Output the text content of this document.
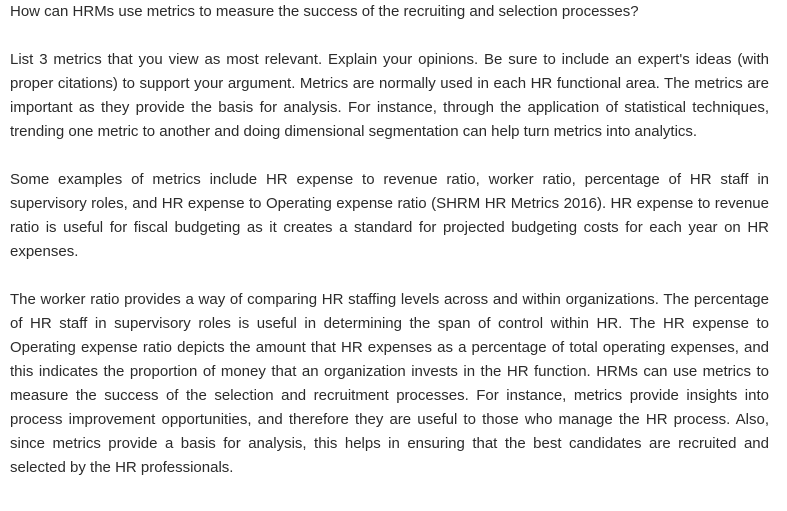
How can HRMs use metrics to measure the success of the recruiting and selection processes?

List 3 metrics that you view as most relevant. Explain your opinions. Be sure to include an expert's ideas (with proper citations) to support your argument. Metrics are normally used in each HR functional area. The metrics are important as they provide the basis for analysis. For instance, through the application of statistical techniques, trending one metric to another and doing dimensional segmentation can help turn metrics into analytics.

Some examples of metrics include HR expense to revenue ratio, worker ratio, percentage of HR staff in supervisory roles, and HR expense to Operating expense ratio (SHRM HR Metrics 2016). HR expense to revenue ratio is useful for fiscal budgeting as it creates a standard for projected budgeting costs for each year on HR expenses.

The worker ratio provides a way of comparing HR staffing levels across and within organizations. The percentage of HR staff in supervisory roles is useful in determining the span of control within HR. The HR expense to Operating expense ratio depicts the amount that HR expenses as a percentage of total operating expenses, and this indicates the proportion of money that an organization invests in the HR function. HRMs can use metrics to measure the success of the selection and recruitment processes. For instance, metrics provide insights into process improvement opportunities, and therefore they are useful to those who manage the HR process. Also, since metrics provide a basis for analysis, this helps in ensuring that the best candidates are recruited and selected by the HR professionals.
